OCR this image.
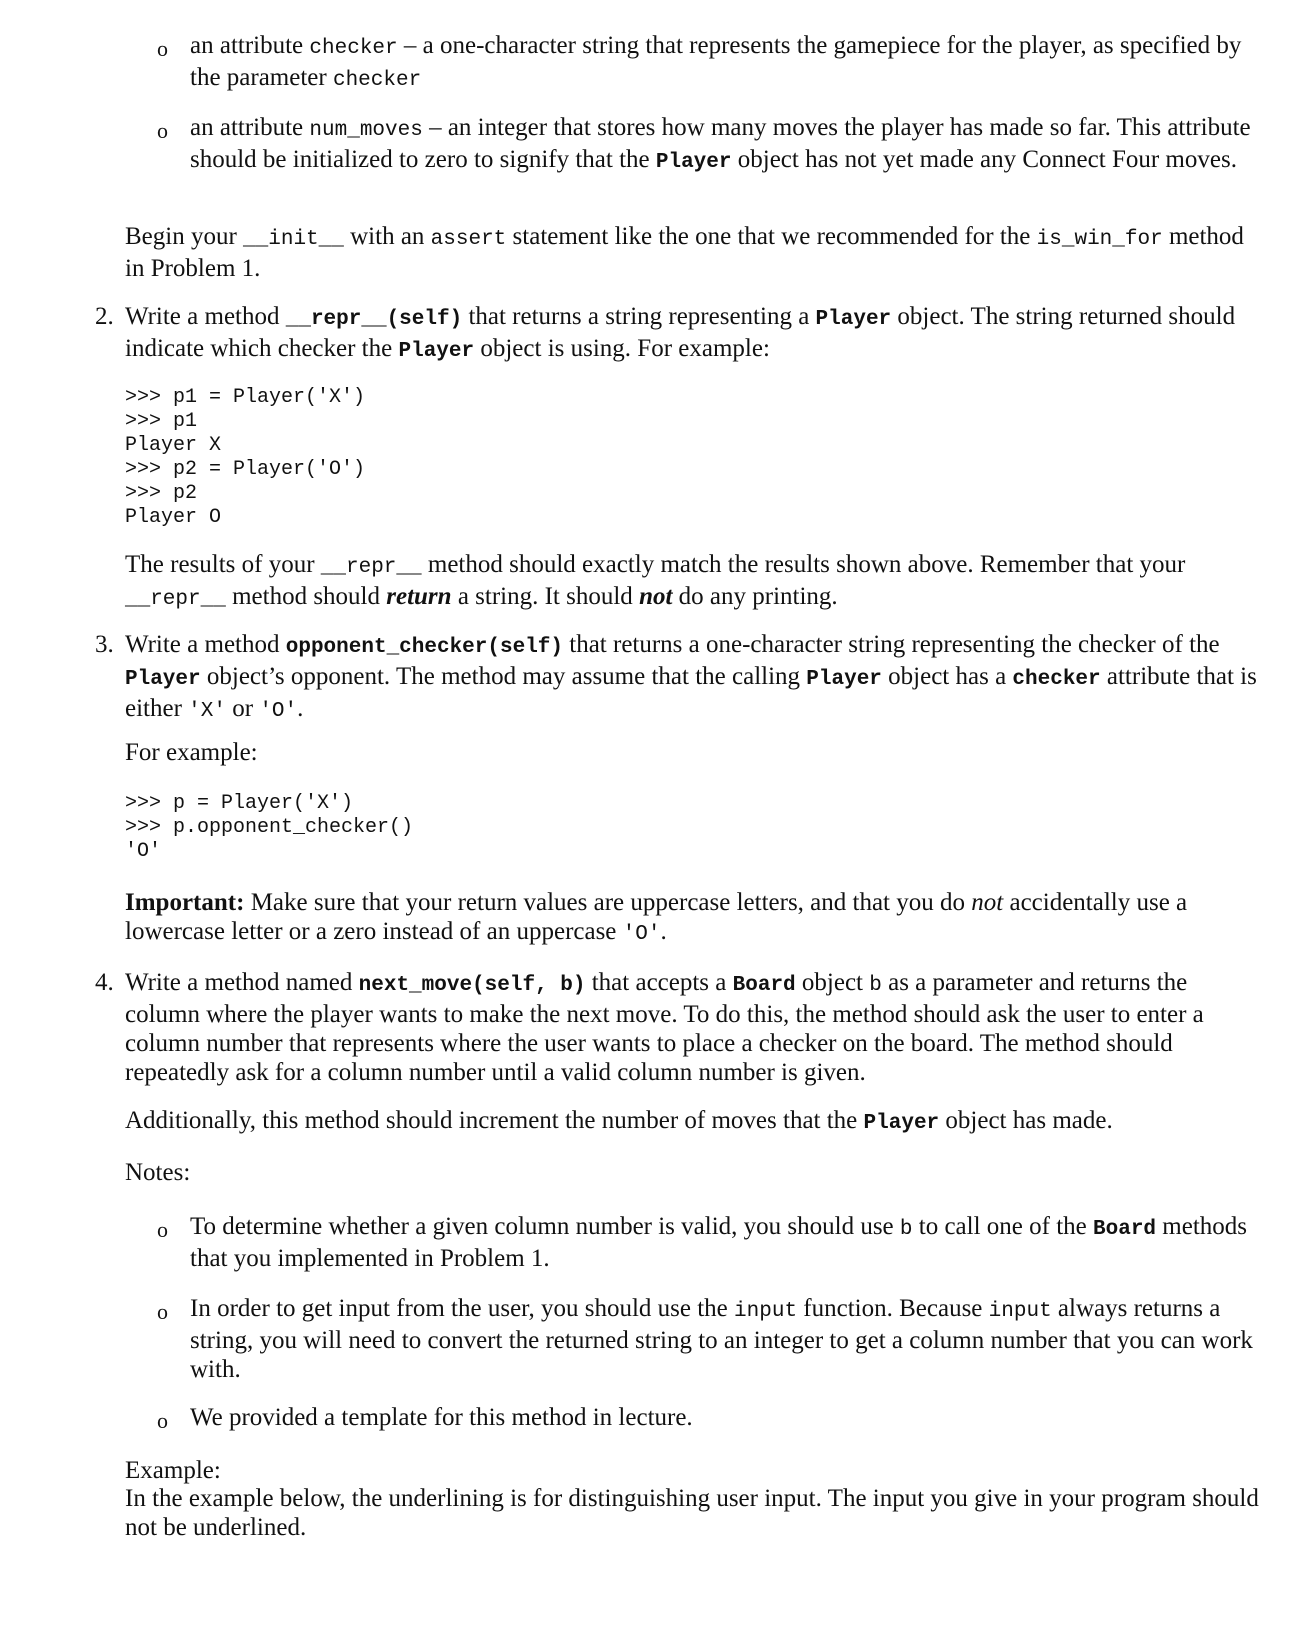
o an attribute checker – a one-character string that represents the gamepiece for the player, as specified by the parameter checker
o an attribute num_moves – an integer that stores how many moves the player has made so far. This attribute should be initialized to zero to signify that the Player object has not yet made any Connect Four moves.
Begin your __init__ with an assert statement like the one that we recommended for the is_win_for method in Problem 1.
2. Write a method __repr__(self) that returns a string representing a Player object. The string returned should indicate which checker the Player object is using. For example:
>>> p1 = Player('X')
>>> p1
Player X
>>> p2 = Player('O')
>>> p2
Player O
The results of your __repr__ method should exactly match the results shown above. Remember that your __repr__ method should return a string. It should not do any printing.
3. Write a method opponent_checker(self) that returns a one-character string representing the checker of the Player object’s opponent. The method may assume that the calling Player object has a checker attribute that is either 'X' or 'O'.
For example:
>>> p = Player('X')
>>> p.opponent_checker()
'O'
Important: Make sure that your return values are uppercase letters, and that you do not accidentally use a lowercase letter or a zero instead of an uppercase 'O'.
4. Write a method named next_move(self, b) that accepts a Board object b as a parameter and returns the column where the player wants to make the next move. To do this, the method should ask the user to enter a column number that represents where the user wants to place a checker on the board. The method should repeatedly ask for a column number until a valid column number is given.
Additionally, this method should increment the number of moves that the Player object has made.
Notes:
o To determine whether a given column number is valid, you should use b to call one of the Board methods that you implemented in Problem 1.
o In order to get input from the user, you should use the input function. Because input always returns a string, you will need to convert the returned string to an integer to get a column number that you can work with.
o We provided a template for this method in lecture.
Example:
In the example below, the underlining is for distinguishing user input. The input you give in your program should not be underlined.
